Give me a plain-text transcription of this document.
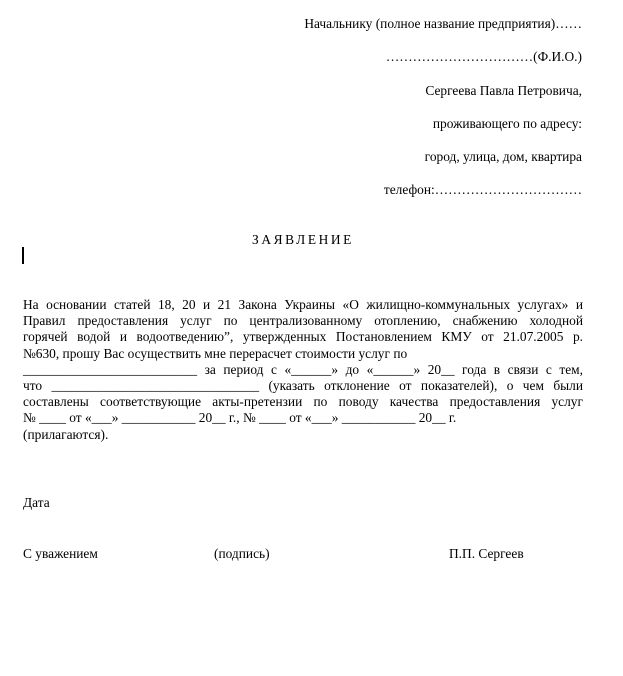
Начальнику (полное название предприятия)……
……………………………(Ф.И.О.)
Сергеева Павла Петровича,
проживающего по адресу:
город, улица, дом, квартира
телефон:……………………………
ЗАЯВЛЕНИЕ
На основании статей 18, 20 и 21 Закона Украины «О жилищно-коммунальных услугах» и
Правил предоставления услуг по централизованному отоплению, снабжению холодной
горячей водой и водоотведению”, утвержденных Постановлением КМУ от 21.07.2005 р.
№630, прошу Вас осуществить мне перерасчет стоимости услуг по
__________________________ за период с «______» до «______» 20__ года в связи с тем,
что _______________________________ (указать отклонение от показателей), о чем были
составлены соответствующие акты-претензии по поводу качества предоставления услуг
№ ____ от «___» ___________ 20__ г., № ____ от «___» ___________ 20__ г.
(прилагаются).
Дата
С уважением	(подпись)	П.П. Сергеев
